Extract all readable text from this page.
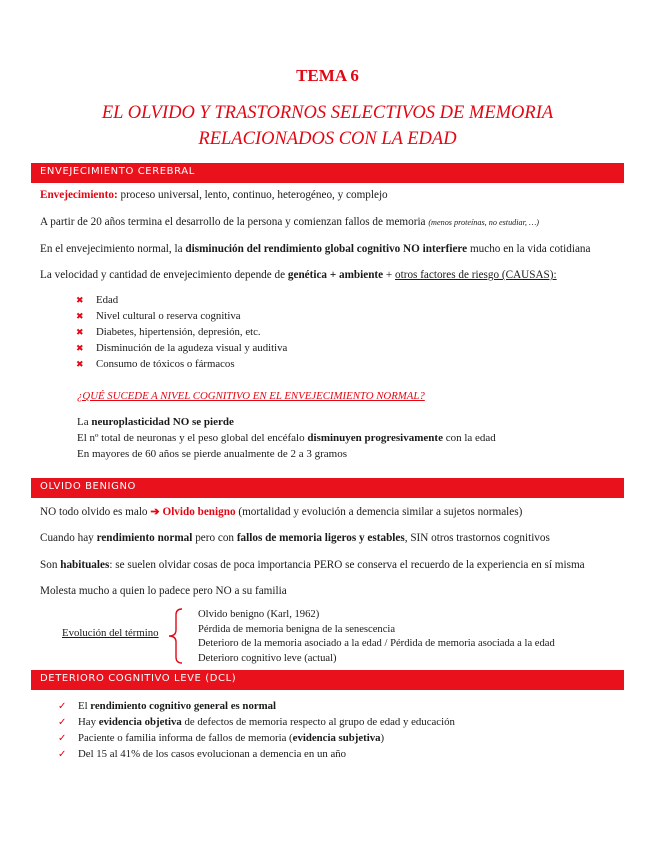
TEMA 6
EL OLVIDO Y TRASTORNOS SELECTIVOS DE MEMORIA
RELACIONADOS CON LA EDAD
ENVEJECIMIENTO CEREBRAL
Envejecimiento: proceso universal, lento, continuo, heterogéneo, y complejo
A partir de 20 años termina el desarrollo de la persona y comienzan fallos de memoria (menos proteínas, no estudiar, …)
En el envejecimiento normal, la disminución del rendimiento global cognitivo NO interfiere mucho en la vida cotidiana
La velocidad y cantidad de envejecimiento depende de genética + ambiente + otros factores de riesgo (CAUSAS):
✖ Edad
✖ Nivel cultural o reserva cognitiva
✖ Diabetes, hipertensión, depresión, etc.
✖ Disminución de la agudeza visual y auditiva
✖ Consumo de tóxicos o fármacos
¿QUÉ SUCEDE A NIVEL COGNITIVO EN EL ENVEJECIMIENTO NORMAL?
La neuroplasticidad NO se pierde
El nº total de neuronas y el peso global del encéfalo disminuyen progresivamente con la edad
En mayores de 60 años se pierde anualmente de 2 a 3 gramos
OLVIDO BENIGNO
NO todo olvido es malo ➔ Olvido benigno (mortalidad y evolución a demencia similar a sujetos normales)
Cuando hay rendimiento normal pero con fallos de memoria ligeros y estables, SIN otros trastornos cognitivos
Son habituales: se suelen olvidar cosas de poca importancia PERO se conserva el recuerdo de la experiencia en sí misma
Molesta mucho a quien lo padece pero NO a su familia
Evolución del término
Olvido benigno (Karl, 1962)
Pérdida de memoria benigna de la senescencia
Deterioro de la memoria asociado a la edad / Pérdida de memoria asociada a la edad
Deterioro cognitivo leve (actual)
DETERIORO COGNITIVO LEVE (DCL)
✓ El rendimiento cognitivo general es normal
✓ Hay evidencia objetiva de defectos de memoria respecto al grupo de edad y educación
✓ Paciente o familia informa de fallos de memoria (evidencia subjetiva)
✓ Del 15 al 41% de los casos evolucionan a demencia en un año
